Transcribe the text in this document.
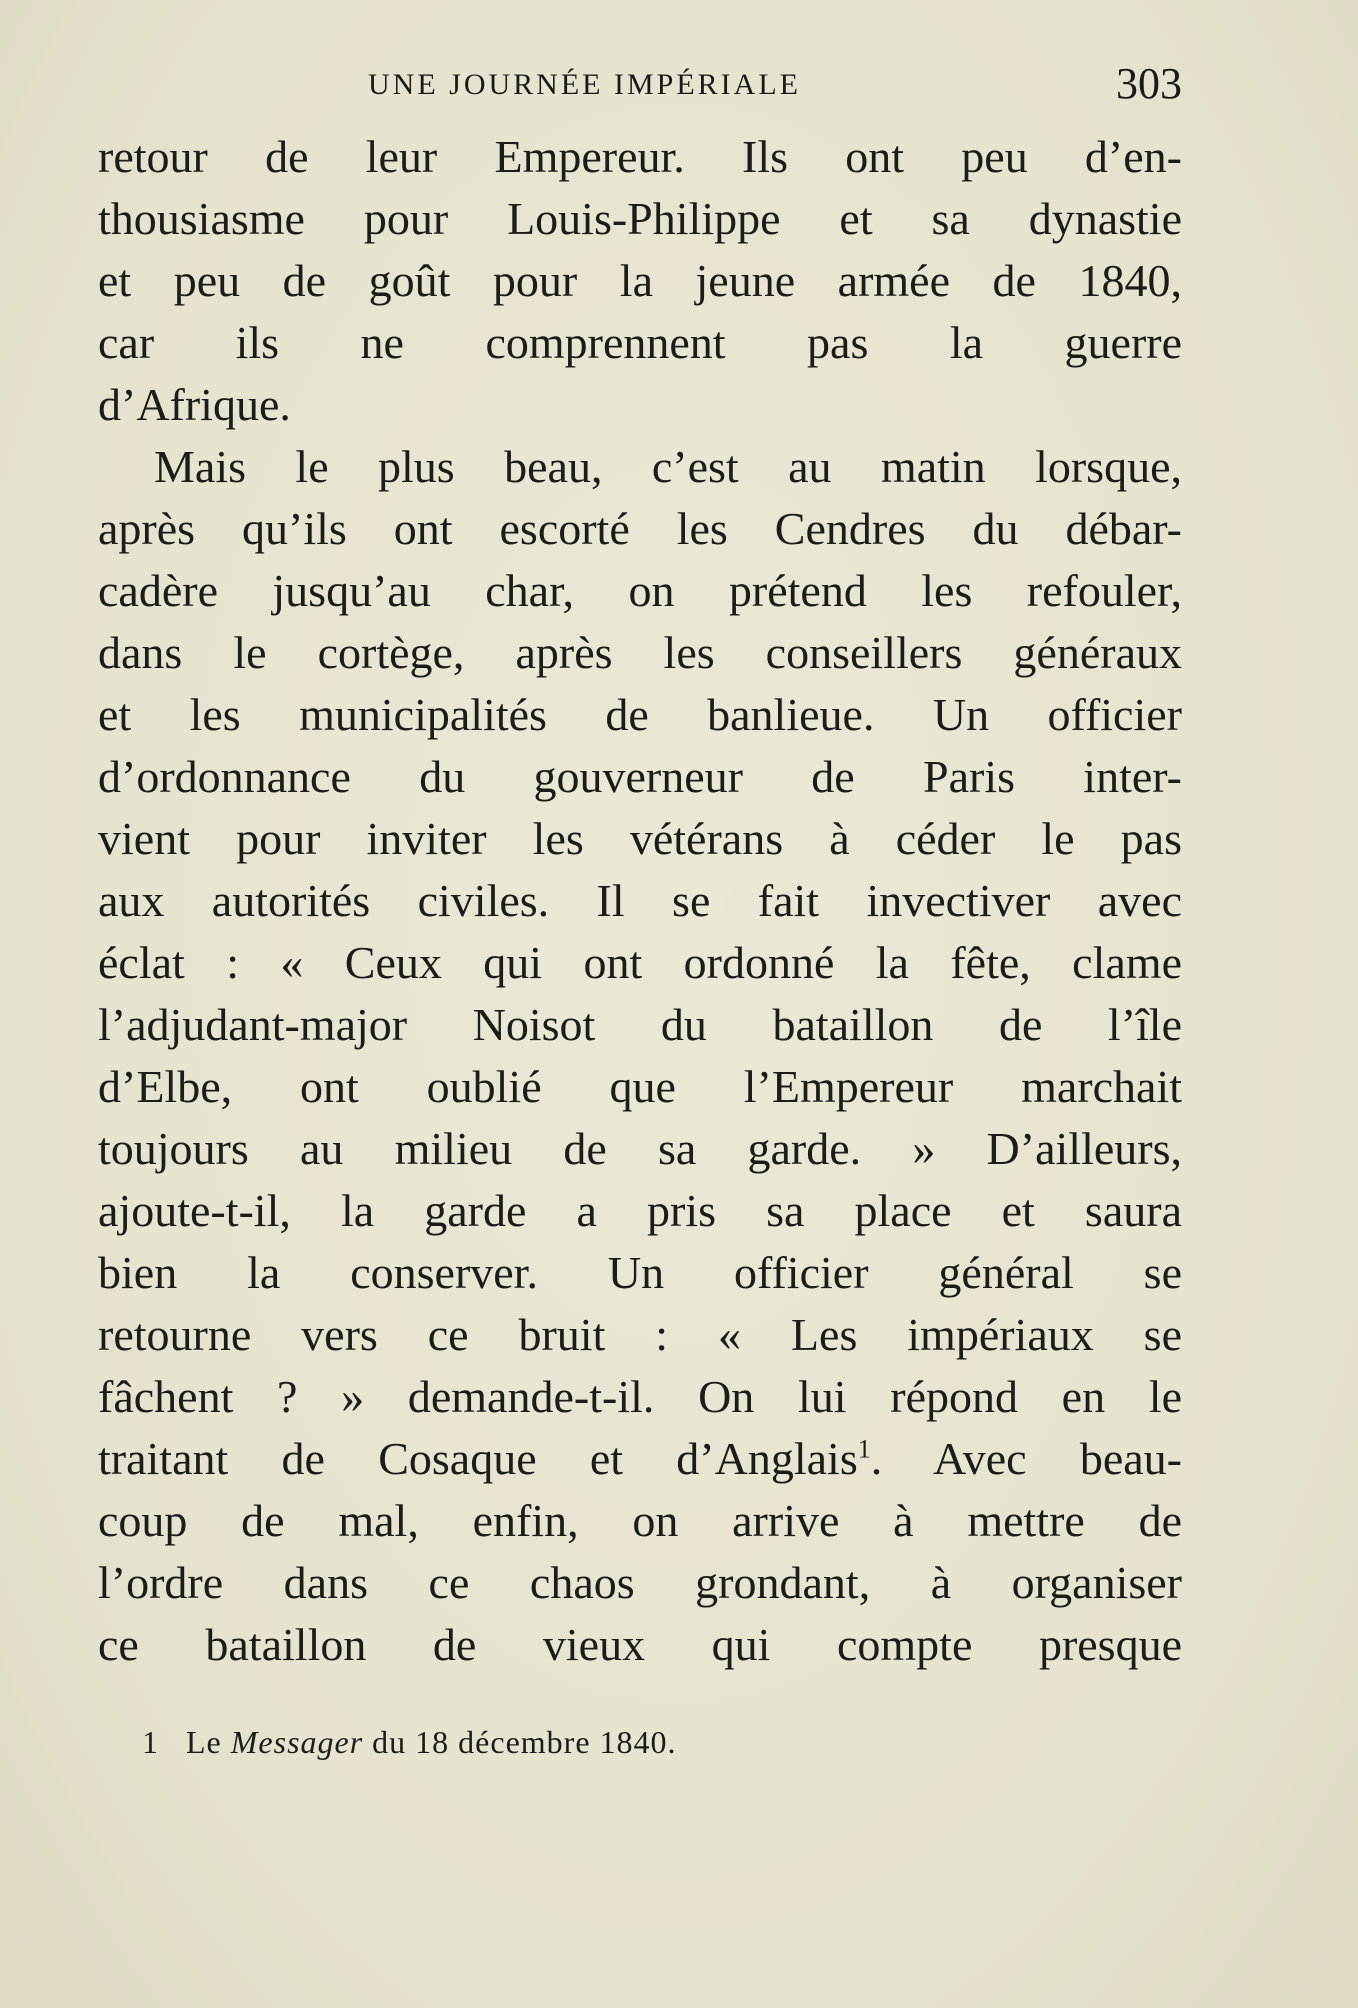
UNE JOURNÉE IMPÉRIALE	303
retour de leur Empereur. Ils ont peu d’en-
thousiasme pour Louis-Philippe et sa dynastie
et peu de goût pour la jeune armée de 1840,
car ils ne comprennent pas la guerre
d’Afrique.
Mais le plus beau, c’est au matin lorsque,
après qu’ils ont escorté les Cendres du débar-
cadère jusqu’au char, on prétend les refouler,
dans le cortège, après les conseillers généraux
et les municipalités de banlieue. Un officier
d’ordonnance du gouverneur de Paris inter-
vient pour inviter les vétérans à céder le pas
aux autorités civiles. Il se fait invectiver avec
éclat : « Ceux qui ont ordonné la fête, clame
l’adjudant-major Noisot du bataillon de l’île
d’Elbe, ont oublié que l’Empereur marchait
toujours au milieu de sa garde. » D’ailleurs,
ajoute-t-il, la garde a pris sa place et saura
bien la conserver. Un officier général se
retourne vers ce bruit : « Les impériaux se
fâchent ? » demande-t-il. On lui répond en le
traitant de Cosaque et d’Anglais$^1$. Avec beau-
coup de mal, enfin, on arrive à mettre de
l’ordre dans ce chaos grondant, à organiser
ce bataillon de vieux qui compte presque
1 Le Messager du 18 décembre 1840.
